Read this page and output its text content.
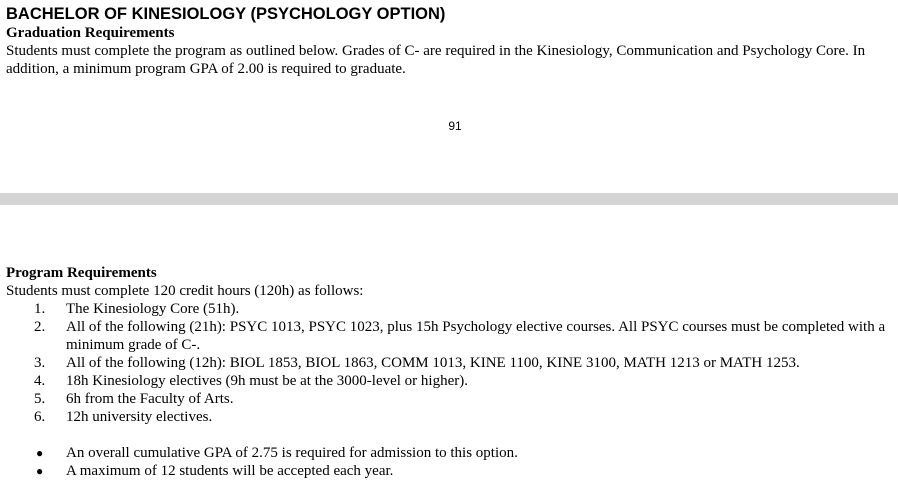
BACHELOR OF KINESIOLOGY (PSYCHOLOGY OPTION)
Graduation Requirements

Students must complete the program as outlined below. Grades of C- are required in the Kinesiology, Communication and Psychology Core. In addition, a minimum program GPA of 2.00 is required to graduate.

91
Program Requirements

Students must complete 120 credit hours (120h) as follows:

1.	The Kinesiology Core (51h).
2.	All of the following (21h): PSYC 1013, PSYC 1023, plus 15h Psychology elective courses. All PSYC courses must be completed with a minimum grade of C-.
3.	All of the following (12h): BIOL 1853, BIOL 1863, COMM 1013, KINE 1100, KINE 3100, MATH 1213 or MATH 1253.
4.	18h Kinesiology electives (9h must be at the 3000-level or higher).
5.	6h from the Faculty of Arts.
6.	12h university electives.
● An overall cumulative GPA of 2.75 is required for admission to this option.
● A maximum of 12 students will be accepted each year.
